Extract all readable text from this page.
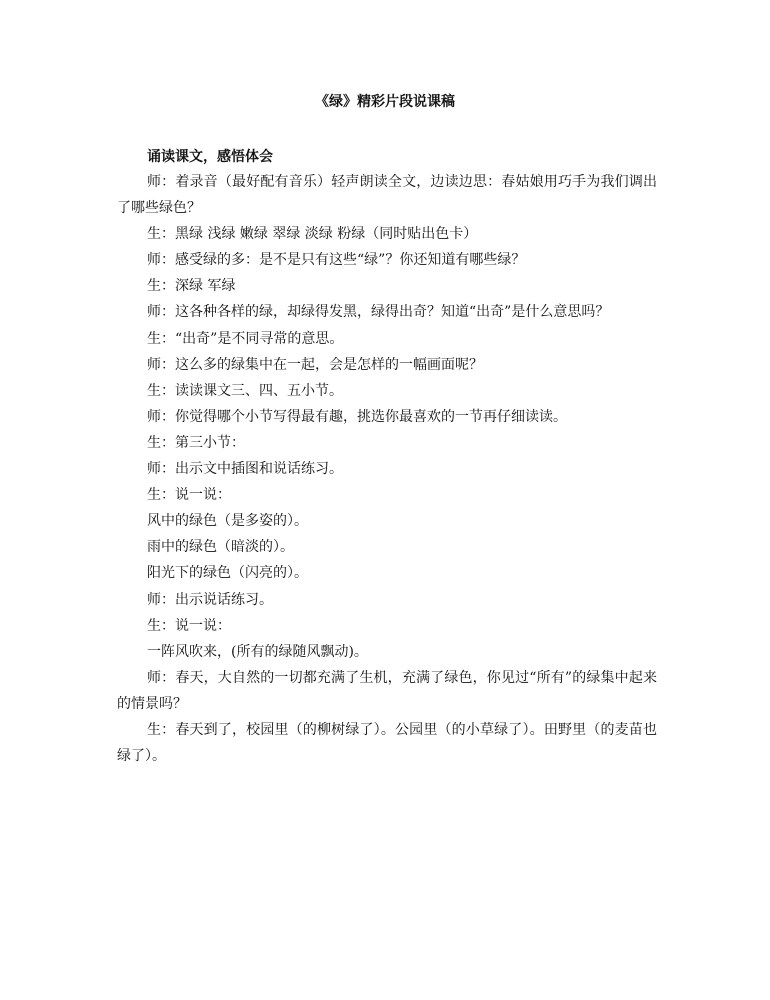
《绿》精彩片段说课稿
诵读课文，感悟体会

师：着录音（最好配有音乐）轻声朗读全文，边读边思：春姑娘用巧手为我们调出了哪些绿色？

生：黑绿 浅绿 嫩绿 翠绿 淡绿 粉绿（同时贴出色卡）

师：感受绿的多：是不是只有这些“绿”？你还知道有哪些绿？

生：深绿 军绿

师：这各种各样的绿，却绿得发黑，绿得出奇？知道“出奇”是什么意思吗？

生：“出奇”是不同寻常的意思。

师：这么多的绿集中在一起，会是怎样的一幅画面呢？

生：读读课文三、四、五小节。

师：你觉得哪个小节写得最有趣，挑选你最喜欢的一节再仔细读读。

生：第三小节：

师：出示文中插图和说话练习。

生：说一说：

风中的绿色（是多姿的）。

雨中的绿色（暗淡的）。

阳光下的绿色（闪亮的）。

师：出示说话练习。

生：说一说：

一阵风吹来，(所有的绿随风飘动)。

师：春天，大自然的一切都充满了生机，充满了绿色，你见过“所有”的绿集中起来的情景吗？

生：春天到了，校园里（的柳树绿了）。公园里（的小草绿了）。田野里（的麦苗也绿了）。
